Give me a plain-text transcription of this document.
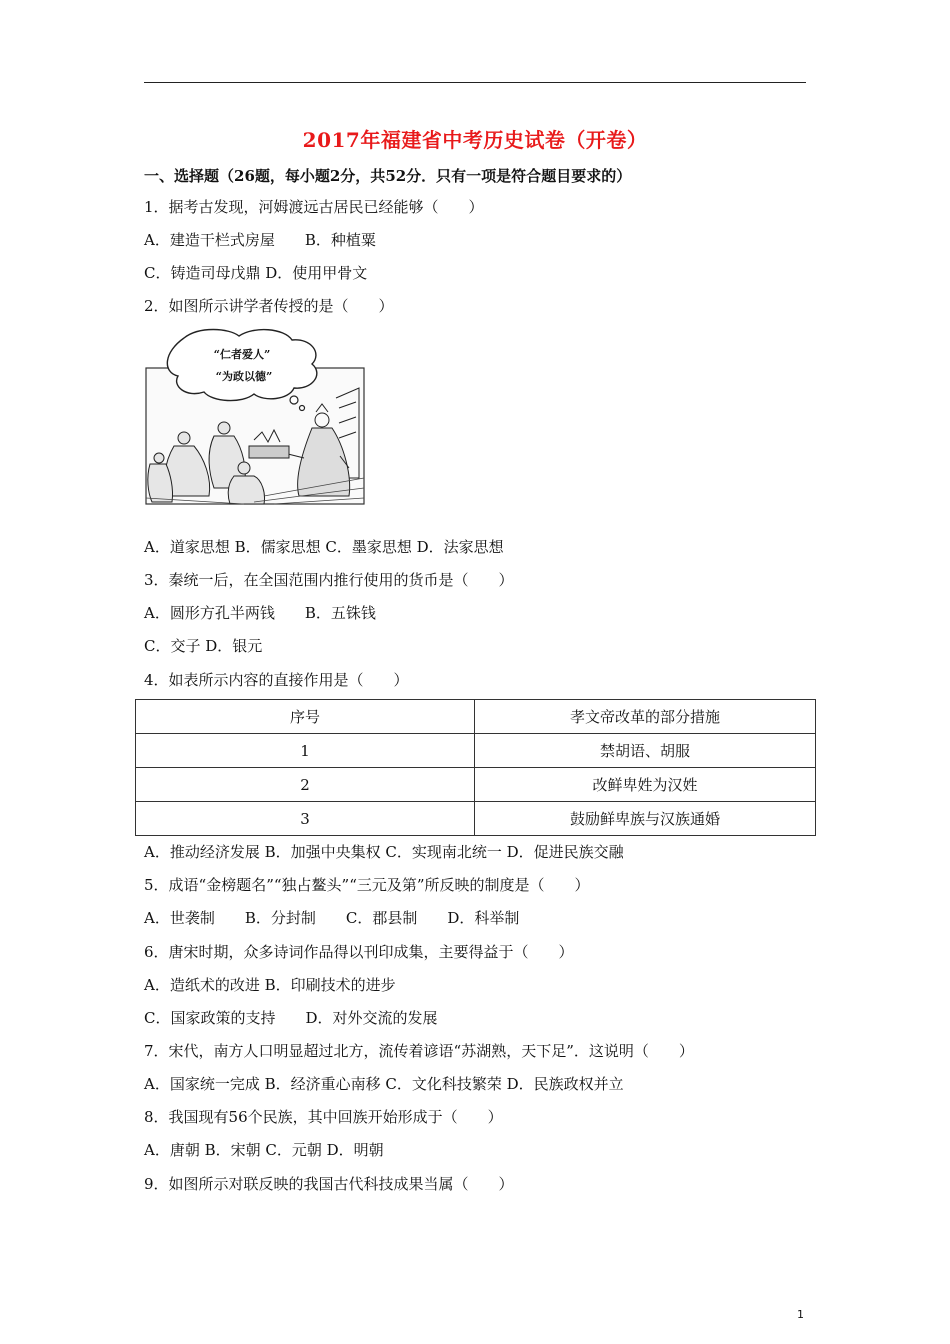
2017年福建省中考历史试卷（开卷）
一、选择题（26题，每小题2分，共52分．只有一项是符合题目要求的）
1．据考古发现，河姆渡远古居民已经能够（　　）
A．建造干栏式房屋　　B．种植粟
C．铸造司母戊鼎 D．使用甲骨文
2．如图所示讲学者传授的是（　　）
“仁者爱人”
“为政以德”
A．道家思想 B．儒家思想 C．墨家思想 D．法家思想
3．秦统一后，在全国范围内推行使用的货币是（　　）
A．圆形方孔半两钱　　B．五铢钱
C．交子 D．银元
4．如表所示内容的直接作用是（　　）
序号	孝文帝改革的部分措施
1	禁胡语、胡服
2	改鲜卑姓为汉姓
3	鼓励鲜卑族与汉族通婚
A．推动经济发展 B．加强中央集权 C．实现南北统一 D．促进民族交融
5．成语“金榜题名”“独占鳌头”“三元及第”所反映的制度是（　　）
A．世袭制　　B．分封制　　C．郡县制　　D．科举制
6．唐宋时期，众多诗词作品得以刊印成集，主要得益于（　　）
A．造纸术的改进 B．印刷技术的进步
C．国家政策的支持　　D．对外交流的发展
7．宋代，南方人口明显超过北方，流传着谚语“苏湖熟，天下足”．这说明（　　）
A．国家统一完成 B．经济重心南移 C．文化科技繁荣 D．民族政权并立
8．我国现有56个民族，其中回族开始形成于（　　）
A．唐朝 B．宋朝 C．元朝 D．明朝
9．如图所示对联反映的我国古代科技成果当属（　　）
1
